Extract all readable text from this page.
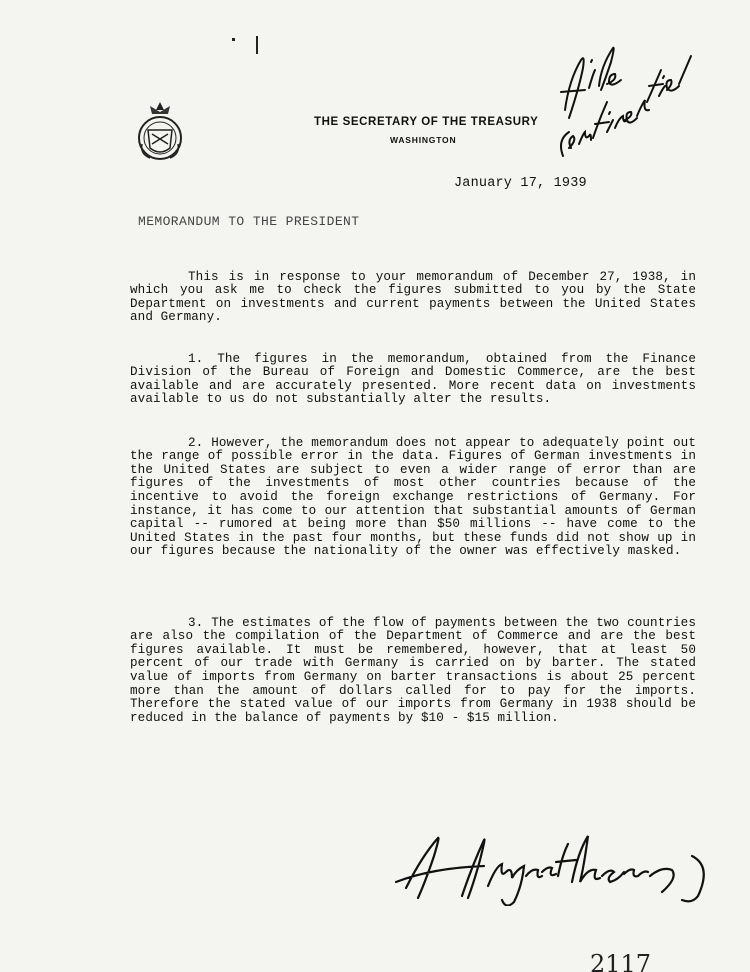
THE SECRETARY OF THE TREASURY
WASHINGTON
January 17, 1939
MEMORANDUM TO THE PRESIDENT

This is in response to your memorandum of December 27, 1938, in which you ask me to check the figures submitted to you by the State Department on investments and current payments between the United States and Germany.

1. The figures in the memorandum, obtained from the Finance Division of the Bureau of Foreign and Domestic Commerce, are the best available and are accurately presented. More recent data on investments available to us do not substantially alter the results.

2. However, the memorandum does not appear to adequately point out the range of possible error in the data. Figures of German investments in the United States are subject to even a wider range of error than are figures of the investments of most other countries because of the incentive to avoid the foreign exchange restrictions of Germany. For instance, it has come to our attention that substantial amounts of German capital -- rumored at being more than $50 millions -- have come to the United States in the past four months, but these funds did not show up in our figures because the nationality of the owner was effectively masked.

3. The estimates of the flow of payments between the two countries are also the compilation of the Department of Commerce and are the best figures available. It must be remembered, however, that at least 50 percent of our trade with Germany is carried on by barter. The stated value of imports from Germany on barter transactions is about 25 percent more than the amount of dollars called for to pay for the imports. Therefore the stated value of our imports from Germany in 1938 should be reduced in the balance of payments by $10 - $15 million.

2117
